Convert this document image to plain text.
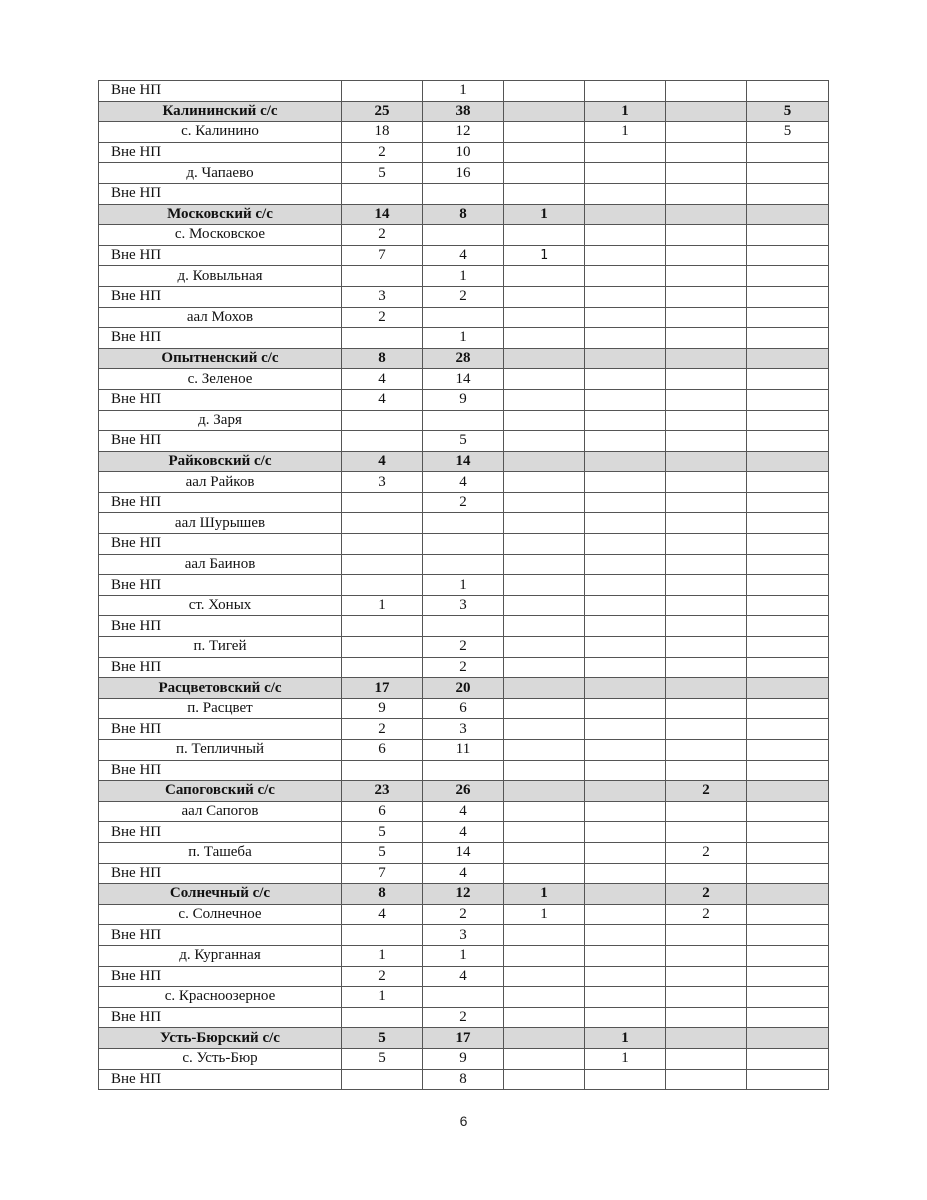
Вне НП		1				
Калининский с/с	25	38		1		5
с. Калинино	18	12		1		5
Вне НП	2	10				
д. Чапаево	5	16				
Вне НП						
Московский с/с	14	8	1			
с. Московское	2					
Вне НП	7	4	1			
д. Ковыльная		1				
Вне НП	3	2				
аал Мохов	2					
Вне НП		1				
Опытненский с/с	8	28				
с. Зеленое	4	14				
Вне НП	4	9				
д. Заря						
Вне НП		5				
Райковский с/с	4	14				
аал Райков	3	4				
Вне НП		2				
аал Шурышев						
Вне НП						
аал Баинов						
Вне НП		1				
ст. Хоных	1	3				
Вне НП						
п. Тигей		2				
Вне НП		2				
Расцветовский с/с	17	20				
п. Расцвет	9	6				
Вне НП	2	3				
п. Тепличный	6	11				
Вне НП						
Сапоговский с/с	23	26			2	
аал Сапогов	6	4				
Вне НП	5	4				
п. Ташеба	5	14			2	
Вне НП	7	4				
Солнечный с/с	8	12	1		2	
с. Солнечное	4	2	1		2	
Вне НП		3				
д. Курганная	1	1				
Вне НП	2	4				
с. Красноозерное	1					
Вне НП		2				
Усть-Бюрский с/с	5	17		1		
с. Усть-Бюр	5	9		1		
Вне НП		8				
6
